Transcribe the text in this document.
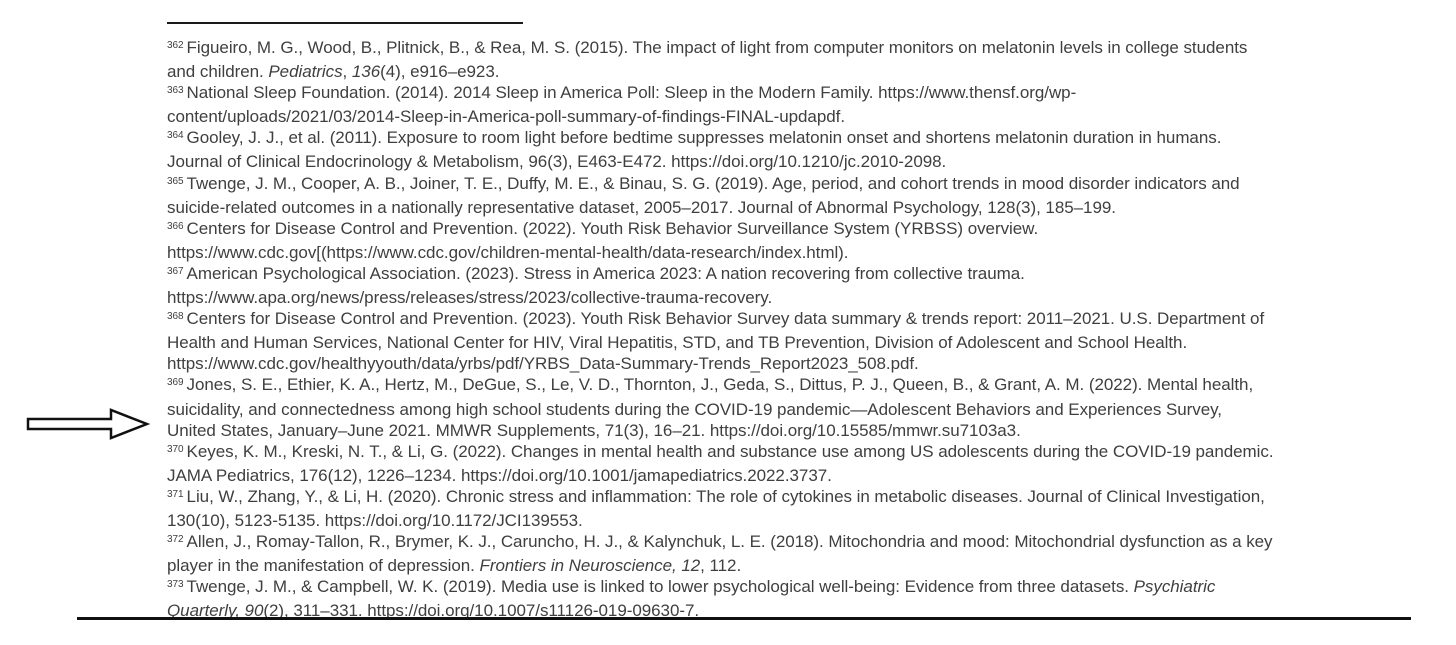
$^{362}$ Figueiro, M. G., Wood, B., Plitnick, B., & Rea, M. S. (2015). The impact of light from computer monitors on melatonin levels in college students
and children. Pediatrics, 136(4), e916–e923.
$^{363}$ National Sleep Foundation. (2014). 2014 Sleep in America Poll: Sleep in the Modern Family. https://www.thensf.org/wp-
content/uploads/2021/03/2014-Sleep-in-America-poll-summary-of-findings-FINAL-updapdf.
$^{364}$ Gooley, J. J., et al. (2011). Exposure to room light before bedtime suppresses melatonin onset and shortens melatonin duration in humans.
Journal of Clinical Endocrinology & Metabolism, 96(3), E463-E472. https://doi.org/10.1210/jc.2010-2098.
$^{365}$ Twenge, J. M., Cooper, A. B., Joiner, T. E., Duffy, M. E., & Binau, S. G. (2019). Age, period, and cohort trends in mood disorder indicators and
suicide-related outcomes in a nationally representative dataset, 2005–2017. Journal of Abnormal Psychology, 128(3), 185–199.
$^{366}$ Centers for Disease Control and Prevention. (2022). Youth Risk Behavior Surveillance System (YRBSS) overview.
https://www.cdc.gov[(https://www.cdc.gov/children-mental-health/data-research/index.html).
$^{367}$ American Psychological Association. (2023). Stress in America 2023: A nation recovering from collective trauma.
https://www.apa.org/news/press/releases/stress/2023/collective-trauma-recovery.
$^{368}$ Centers for Disease Control and Prevention. (2023). Youth Risk Behavior Survey data summary & trends report: 2011–2021. U.S. Department of
Health and Human Services, National Center for HIV, Viral Hepatitis, STD, and TB Prevention, Division of Adolescent and School Health.
https://www.cdc.gov/healthyyouth/data/yrbs/pdf/YRBS_Data-Summary-Trends_Report2023_508.pdf.
$^{369}$ Jones, S. E., Ethier, K. A., Hertz, M., DeGue, S., Le, V. D., Thornton, J., Geda, S., Dittus, P. J., Queen, B., & Grant, A. M. (2022). Mental health,
suicidality, and connectedness among high school students during the COVID-19 pandemic—Adolescent Behaviors and Experiences Survey,
United States, January–June 2021. MMWR Supplements, 71(3), 16–21. https://doi.org/10.15585/mmwr.su7103a3.
$^{370}$ Keyes, K. M., Kreski, N. T., & Li, G. (2022). Changes in mental health and substance use among US adolescents during the COVID-19 pandemic.
JAMA Pediatrics, 176(12), 1226–1234. https://doi.org/10.1001/jamapediatrics.2022.3737.
$^{371}$ Liu, W., Zhang, Y., & Li, H. (2020). Chronic stress and inflammation: The role of cytokines in metabolic diseases. Journal of Clinical Investigation,
130(10), 5123-5135. https://doi.org/10.1172/JCI139553.
$^{372}$ Allen, J., Romay-Tallon, R., Brymer, K. J., Caruncho, H. J., & Kalynchuk, L. E. (2018). Mitochondria and mood: Mitochondrial dysfunction as a key
player in the manifestation of depression. Frontiers in Neuroscience, 12, 112.
$^{373}$ Twenge, J. M., & Campbell, W. K. (2019). Media use is linked to lower psychological well-being: Evidence from three datasets. Psychiatric
Quarterly, 90(2), 311–331. https://doi.org/10.1007/s11126-019-09630-7.
